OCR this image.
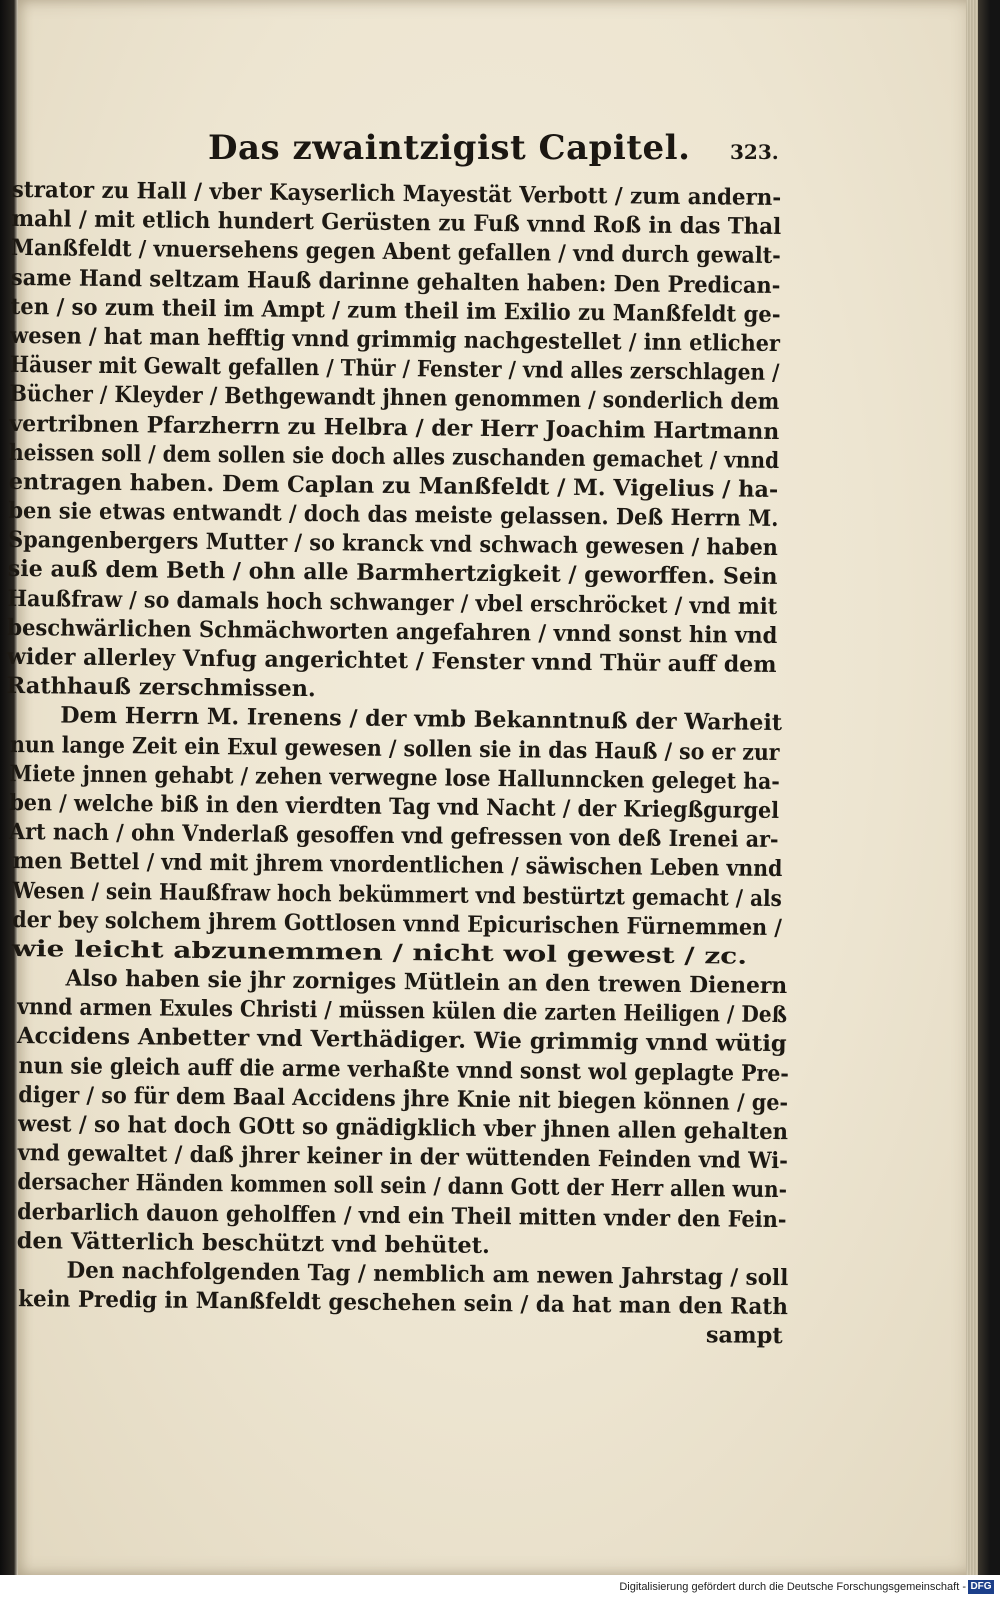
Das zwaintzigist Capitel. 323.
strator zu Hall / vber Kayserlich Mayestät Verbott / zum andern-
mahl / mit etlich hundert Gerüsten zu Fuß vnnd Roß in das Thal
Manßfeldt / vnuersehens gegen Abent gefallen / vnd durch gewalt-
same Hand seltzam Hauß darinne gehalten haben: Den Predican-
ten / so zum theil im Ampt / zum theil im Exilio zu Manßfeldt ge-
wesen / hat man hefftig vnnd grimmig nachgestellet / inn etlicher
Häuser mit Gewalt gefallen / Thür / Fenster / vnd alles zerschlagen /
Bücher / Kleyder / Bethgewandt jhnen genommen / sonderlich dem
vertribnen Pfarzherrn zu Helbra / der Herr Joachim Hartmann
heissen soll / dem sollen sie doch alles zuschanden gemachet / vnnd
entragen haben. Dem Caplan zu Manßfeldt / M. Vigelius / ha-
ben sie etwas entwandt / doch das meiste gelassen. Deß Herrn M.
Spangenbergers Mutter / so kranck vnd schwach gewesen / haben
sie auß dem Beth / ohn alle Barmhertzigkeit / geworffen. Sein
Haußfraw / so damals hoch schwanger / vbel erschröcket / vnd mit
beschwärlichen Schmächworten angefahren / vnnd sonst hin vnd
wider allerley Vnfug angerichtet / Fenster vnnd Thür auff dem
Rathhauß zerschmissen.
Dem Herrn M. Irenens / der vmb Bekanntnuß der Warheit
nun lange Zeit ein Exul gewesen / sollen sie in das Hauß / so er zur
Miete jnnen gehabt / zehen verwegne lose Hallunncken geleget ha-
ben / welche biß in den vierdten Tag vnd Nacht / der Kriegßgurgel
Art nach / ohn Vnderlaß gesoffen vnd gefressen von deß Irenei ar-
men Bettel / vnd mit jhrem vnordentlichen / säwischen Leben vnnd
Wesen / sein Haußfraw hoch bekümmert vnd bestürtzt gemacht / als
der bey solchem jhrem Gottlosen vnnd Epicurischen Fürnemmen /
wie leicht abzunemmen / nicht wol gewest / zc.
Also haben sie jhr zorniges Mütlein an den trewen Dienern
vnnd armen Exules Christi / müssen külen die zarten Heiligen / Deß
Accidens Anbetter vnd Verthädiger. Wie grimmig vnnd wütig
nun sie gleich auff die arme verhaßte vnnd sonst wol geplagte Pre-
diger / so für dem Baal Accidens jhre Knie nit biegen können / ge-
west / so hat doch GOtt so gnädigklich vber jhnen allen gehalten
vnd gewaltet / daß jhrer keiner in der wüttenden Feinden vnd Wi-
dersacher Händen kommen soll sein / dann Gott der Herr allen wun-
derbarlich dauon geholffen / vnd ein Theil mitten vnder den Fein-
den Vätterlich beschützt vnd behütet.
Den nachfolgenden Tag / nemblich am newen Jahrstag / soll
kein Predig in Manßfeldt geschehen sein / da hat man den Rath
sampt
Digitalisierung gefördert durch die Deutsche Forschungsgemeinschaft - DFG
